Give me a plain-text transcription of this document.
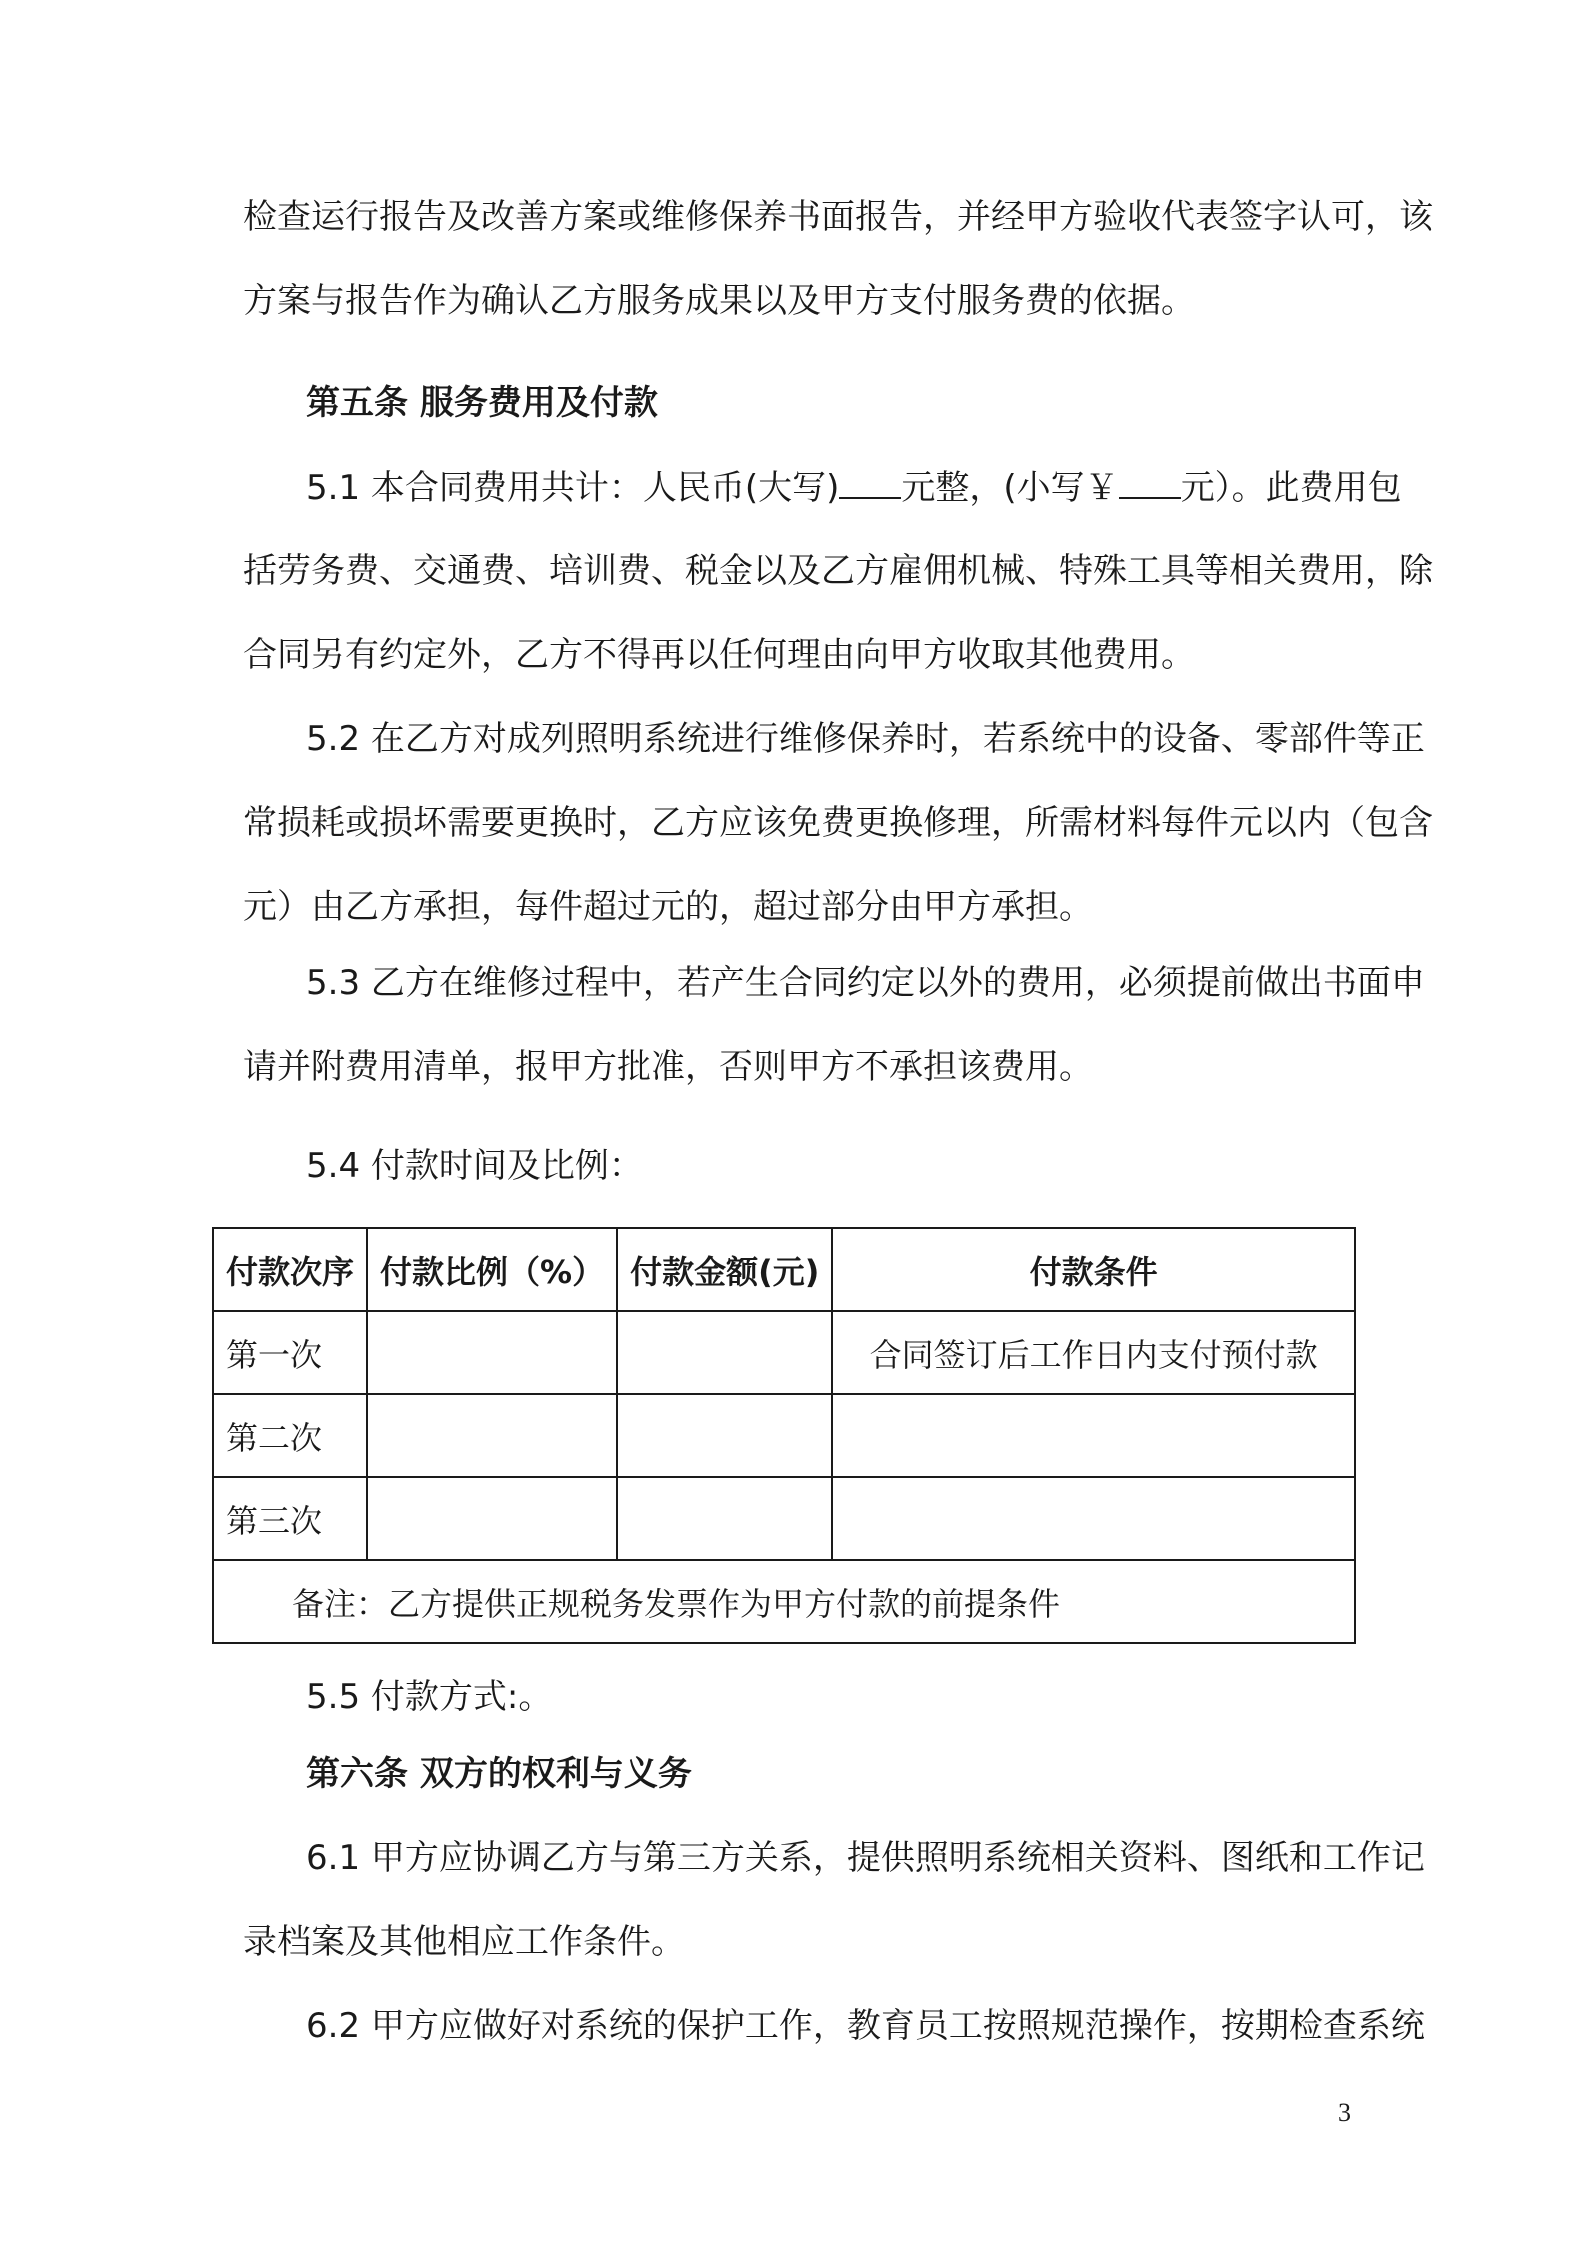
检查运行报告及改善方案或维修保养书面报告，并经甲方验收代表签字认可，该
方案与报告作为确认乙方服务成果以及甲方支付服务费的依据。
第五条 服务费用及付款
5.1 本合同费用共计：人民币(大写) 元整，(小写￥ 元）。此费用包
括劳务费、交通费、培训费、税金以及乙方雇佣机械、特殊工具等相关费用，除
合同另有约定外，乙方不得再以任何理由向甲方收取其他费用。
5.2 在乙方对成列照明系统进行维修保养时，若系统中的设备、零部件等正
常损耗或损坏需要更换时，乙方应该免费更换修理，所需材料每件元以内（包含
元）由乙方承担，每件超过元的，超过部分由甲方承担。
5.3 乙方在维修过程中，若产生合同约定以外的费用，必须提前做出书面申
请并附费用清单，报甲方批准，否则甲方不承担该费用。
5.4 付款时间及比例：
付款次序	付款比例（%）	付款金额(元)	付款条件
第一次			合同签订后工作日内支付预付款
第二次			
第三次			
备注：乙方提供正规税务发票作为甲方付款的前提条件			
5.5 付款方式:。
第六条 双方的权利与义务
6.1 甲方应协调乙方与第三方关系，提供照明系统相关资料、图纸和工作记
录档案及其他相应工作条件。
6.2 甲方应做好对系统的保护工作，教育员工按照规范操作，按期检查系统
3
